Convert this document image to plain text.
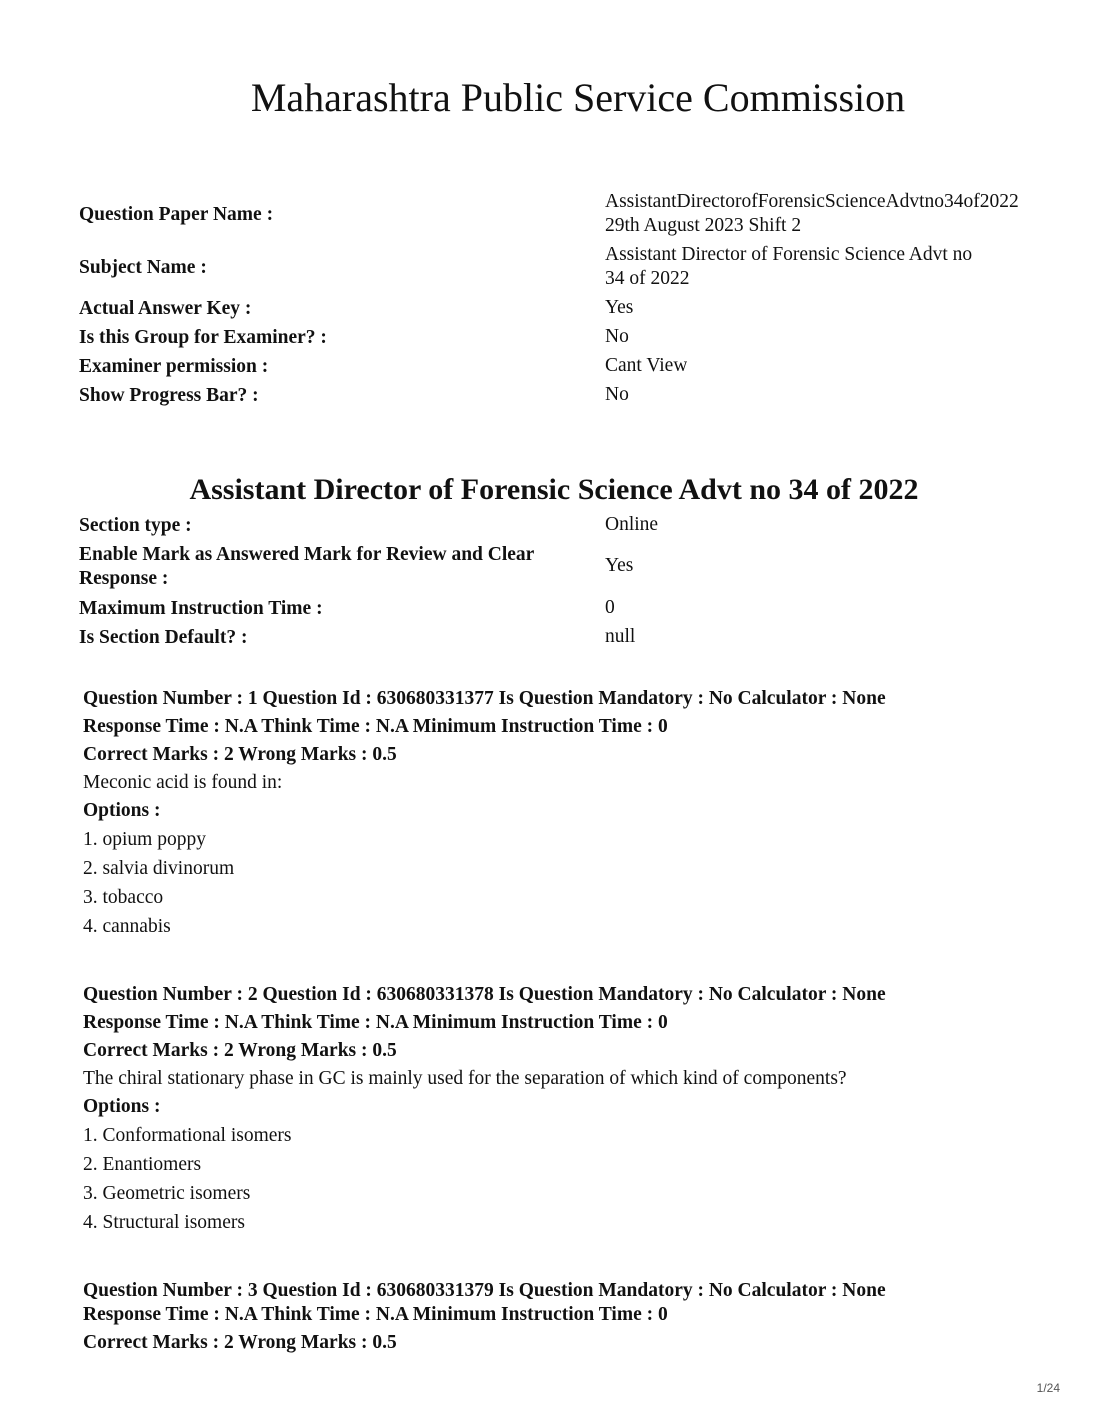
Maharashtra Public Service Commission
Question Paper Name :
AssistantDirectorofForensicScienceAdvtno34of2022
29th August 2023 Shift 2
Subject Name :
Assistant Director of Forensic Science Advt no
34 of 2022
Actual Answer Key :	Yes
Is this Group for Examiner? :	No
Examiner permission :	Cant View
Show Progress Bar? :	No
Assistant Director of Forensic Science Advt no 34 of 2022
Section type :	Online
Enable Mark as Answered Mark for Review and Clear
Response :
Yes
Maximum Instruction Time :	0
Is Section Default? :	null
Question Number : 1 Question Id : 630680331377 Is Question Mandatory : No Calculator : None
Response Time : N.A Think Time : N.A Minimum Instruction Time : 0
Correct Marks : 2 Wrong Marks : 0.5
Meconic acid is found in:
Options :
1. opium poppy
2. salvia divinorum
3. tobacco
4. cannabis
Question Number : 2 Question Id : 630680331378 Is Question Mandatory : No Calculator : None
Response Time : N.A Think Time : N.A Minimum Instruction Time : 0
Correct Marks : 2 Wrong Marks : 0.5
The chiral stationary phase in GC is mainly used for the separation of which kind of components?
Options :
1. Conformational isomers
2. Enantiomers
3. Geometric isomers
4. Structural isomers
Question Number : 3 Question Id : 630680331379 Is Question Mandatory : No Calculator : None
Response Time : N.A Think Time : N.A Minimum Instruction Time : 0
Correct Marks : 2 Wrong Marks : 0.5
1/24
